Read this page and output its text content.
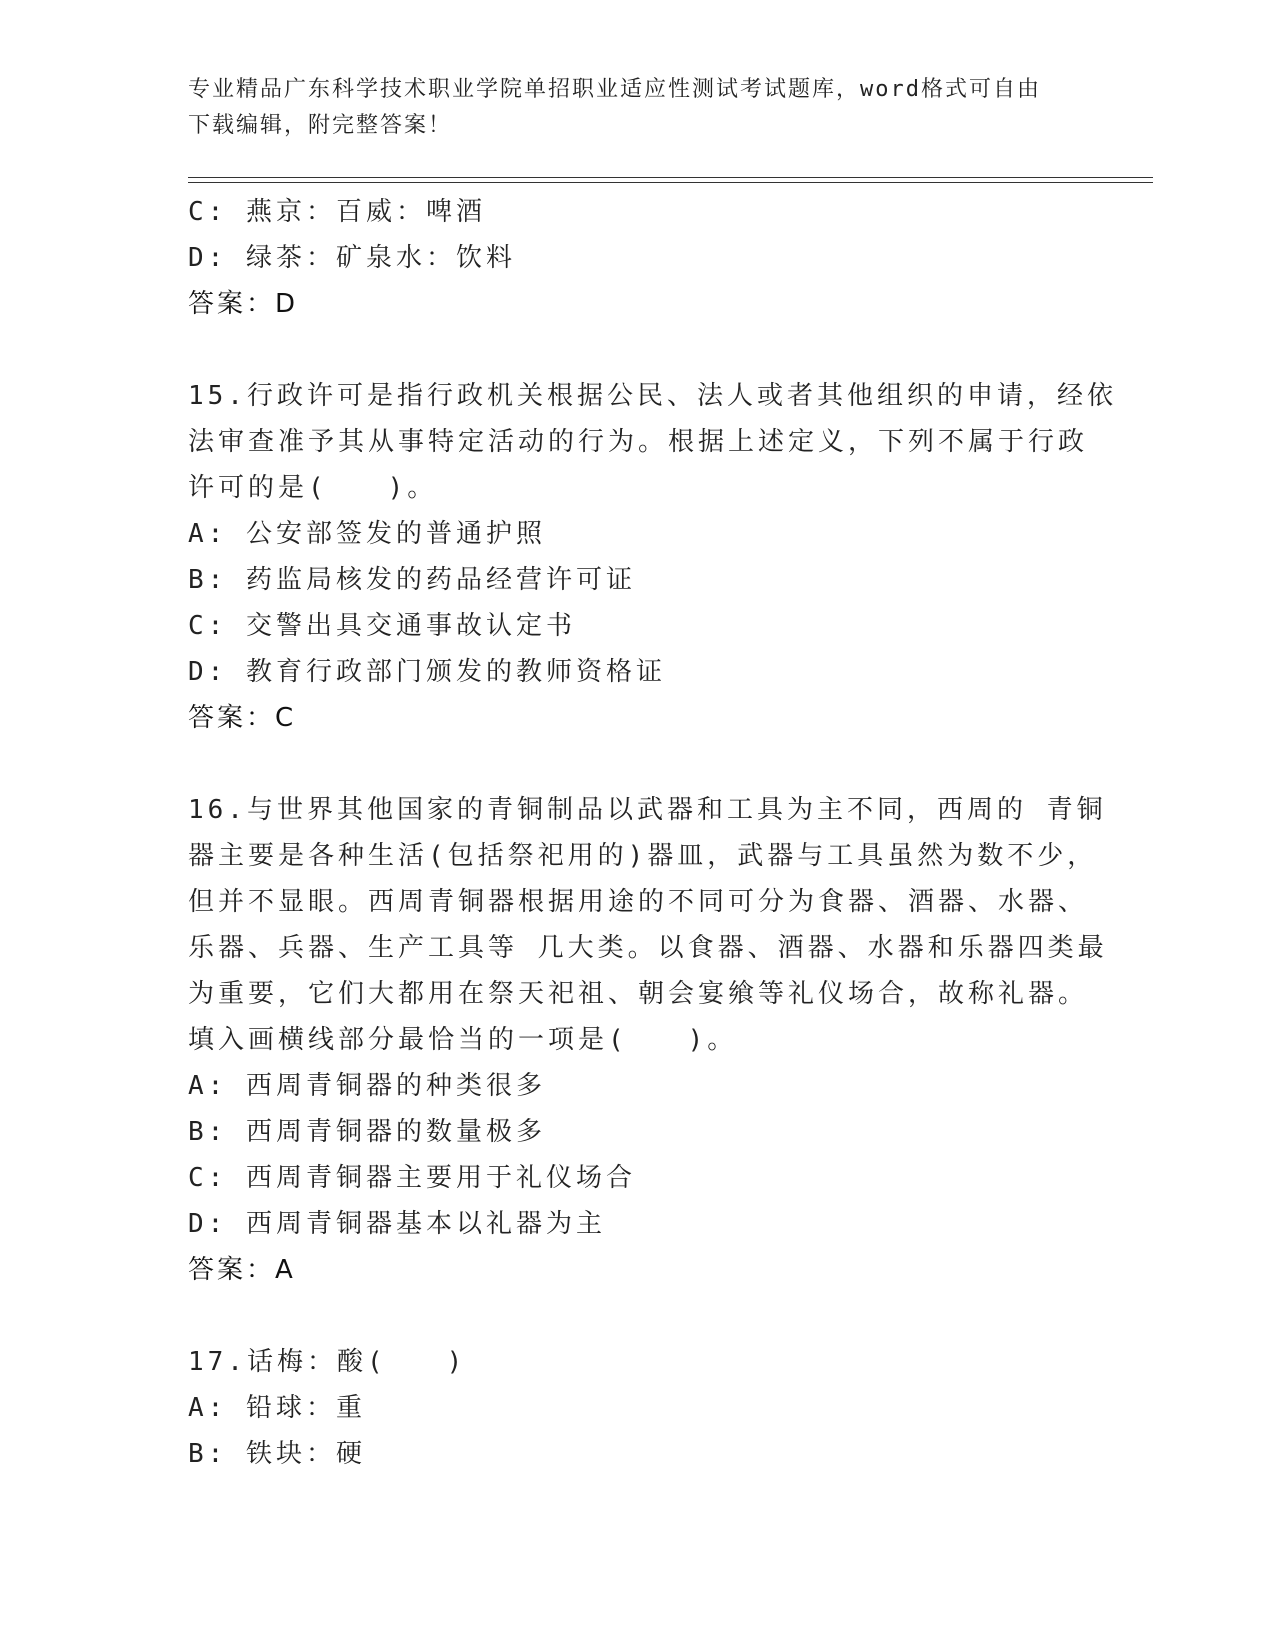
专业精品广东科学技术职业学院单招职业适应性测试考试题库，word格式可自由
下载编辑，附完整答案！
C: 燕京：百威：啤酒
D: 绿茶：矿泉水：饮料
答案：D
15.行政许可是指行政机关根据公民、法人或者其他组织的申请，经依
法审查准予其从事特定活动的行为。根据上述定义，下列不属于行政
许可的是(　　)。
A: 公安部签发的普通护照
B: 药监局核发的药品经营许可证
C: 交警出具交通事故认定书
D: 教育行政部门颁发的教师资格证
答案：C
16.与世界其他国家的青铜制品以武器和工具为主不同，西周的 青铜
器主要是各种生活(包括祭祀用的)器皿，武器与工具虽然为数不少，
但并不显眼。西周青铜器根据用途的不同可分为食器、酒器、水器、
乐器、兵器、生产工具等 几大类。以食器、酒器、水器和乐器四类最
为重要，它们大都用在祭天祀祖、朝会宴飨等礼仪场合，故称礼器。
填入画横线部分最恰当的一项是(　　)。
A: 西周青铜器的种类很多
B: 西周青铜器的数量极多
C: 西周青铜器主要用于礼仪场合
D: 西周青铜器基本以礼器为主
答案：A
17.话梅：酸(　　)
A: 铅球：重
B: 铁块：硬
